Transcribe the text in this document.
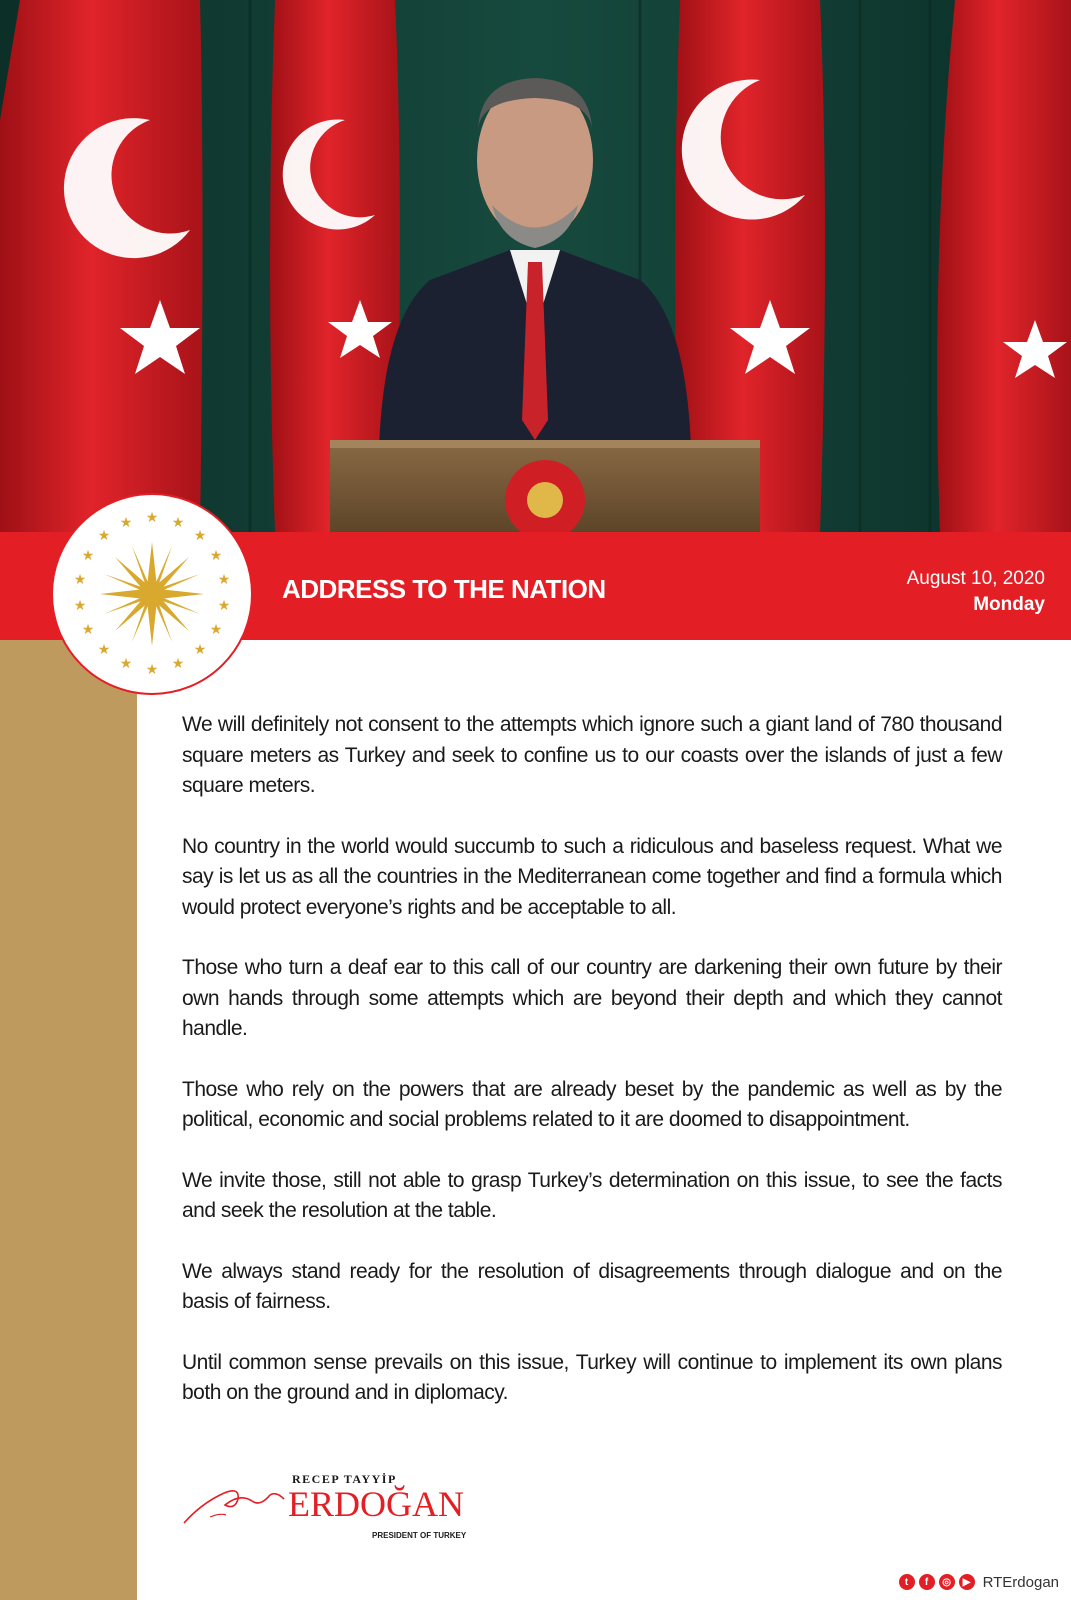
ADDRESS TO THE NATION	August 10, 2020
Monday
★ ★
★
★
★
★
★
★
★
★
★
★
★
★
★
★
★
★

We will definitely not consent to the attempts which ignore such a giant land of 780 thousand square meters as Turkey and seek to confine us to our coasts over the islands of just a few square meters.

No country in the world would succumb to such a ridiculous and baseless request. What we say is let us as all the countries in the Mediterranean come together and find a formula which would protect everyone’s rights and be acceptable to all.

Those who turn a deaf ear to this call of our country are darkening their own future by their own hands through some attempts which are beyond their depth and which they cannot handle.

Those who rely on the powers that are already beset by the pandemic as well as by the political, economic and social problems related to it are doomed to disappointment.

We invite those, still not able to grasp Turkey’s determination on this issue, to see the facts and seek the resolution at the table.

We always stand ready for the resolution of disagreements through dialogue and on the basis of fairness.

Until common sense prevails on this issue, Turkey will continue to implement its own plans both on the ground and in diplomacy.

RECEP TAYYİP
ERDOĞAN
PRESIDENT OF TURKEY
t	f	◎	▶ RTErdogan
